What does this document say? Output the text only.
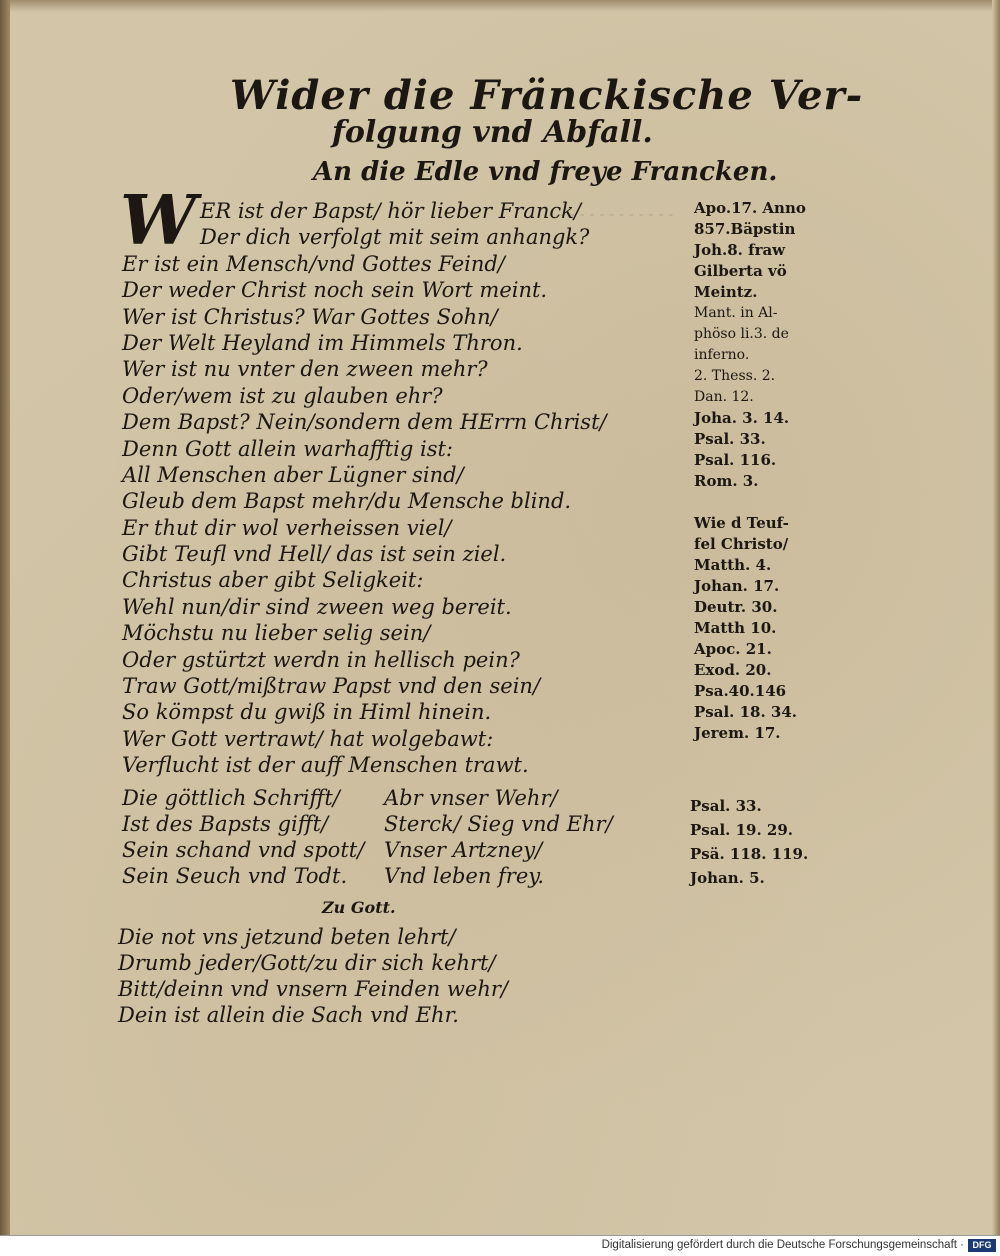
- - - - - - - - - - - -
Wider die Fränckische Ver-
folgung vnd Abfall.
An die Edle vnd freye Francken.
W ER ist der Bapst/ hör lieber Franck/
Der dich verfolgt mit seim anhangk?
Er ist ein Mensch/vnd Gottes Feind/
Der weder Christ noch sein Wort meint.
Wer ist Christus? War Gottes Sohn/
Der Welt Heyland im Himmels Thron.
Wer ist nu vnter den zween mehr?
Oder/wem ist zu glauben ehr?
Dem Bapst? Nein/sondern dem HErrn Christ/
Denn Gott allein warhafftig ist:
All Menschen aber Lügner sind/
Gleub dem Bapst mehr/du Mensche blind.
Er thut dir wol verheissen viel/
Gibt Teufl vnd Hell/ das ist sein ziel.
Christus aber gibt Seligkeit:
Wehl nun/dir sind zween weg bereit.
Möchstu nu lieber selig sein/
Oder gstürtzt werdn in hellisch pein?
Traw Gott/mißtraw Papst vnd den sein/
So kömpst du gwiß in Himl hinein.
Wer Gott vertrawt/ hat wolgebawt:
Verflucht ist der auff Menschen trawt.
Apo.17. Anno
857.Bäpstin
Joh.8. fraw
Gilberta vö
Meintz.
Mant. in Al-
phöso li.3. de
inferno.
2. Thess. 2.
Dan. 12.
Joha. 3. 14.
Psal. 33.
Psal. 116.
Rom. 3.
Wie d Teuf-
fel Christo/
Matth. 4.
Johan. 17.
Deutr. 30.
Matth 10.
Apoc. 21.
Exod. 20.
Psa.40.146
Psal. 18. 34.
Jerem. 17.
Die göttlich Schrifft/	Abr vnser Wehr/
Ist des Bapsts gifft/	Sterck/ Sieg vnd Ehr/
Sein schand vnd spott/ Vnser Artzney/
Sein Seuch vnd Todt.	Vnd leben frey.
Psal. 33.
Psal. 19. 29.
Psä. 118. 119.
Johan. 5.
Zu Gott.
Die not vns jetzund beten lehrt/
Drumb jeder/Gott/zu dir sich kehrt/
Bitt/deinn vnd vnsern Feinden wehr/
Dein ist allein die Sach vnd Ehr.
Digitalisierung gefördert durch die Deutsche Forschungsgemeinschaft · DFG
